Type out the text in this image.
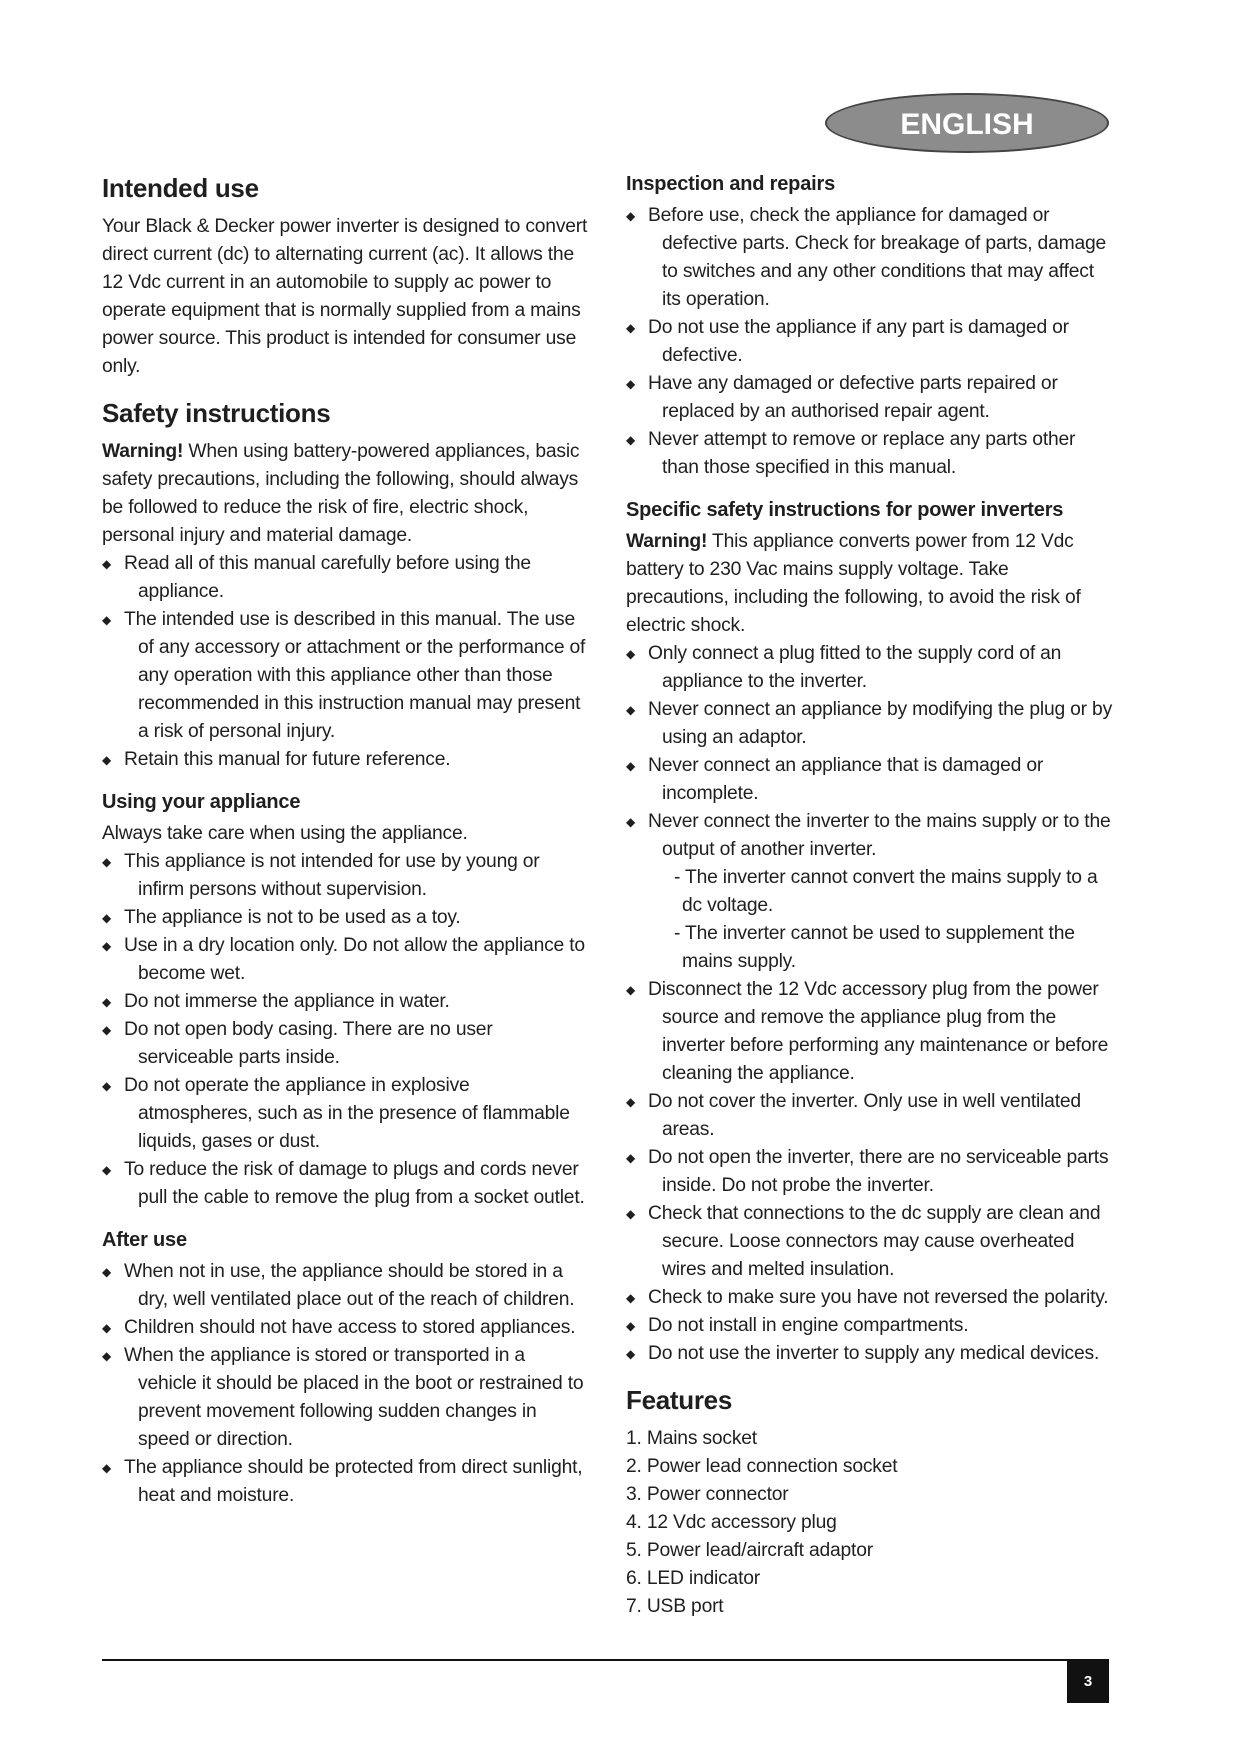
ENGLISH
Intended use

Your Black & Decker power inverter is designed to convert direct current (dc) to alternating current (ac). It allows the 12 Vdc current in an automobile to supply ac power to operate equipment that is normally supplied from a mains power source. This product is intended for consumer use only.

Safety instructions

Warning! When using battery-powered appliances, basic safety precautions, including the following, should always be followed to reduce the risk of fire, electric shock, personal injury and material damage.

◆ Read all of this manual carefully before using the appliance.
◆ The intended use is described in this manual. The use of any accessory or attachment or the performance of any operation with this appliance other than those recommended in this instruction manual may present a risk of personal injury.
◆ Retain this manual for future reference.
Using your appliance

Always take care when using the appliance.

◆ This appliance is not intended for use by young or infirm persons without supervision.
◆ The appliance is not to be used as a toy.
◆ Use in a dry location only. Do not allow the appliance to become wet.
◆ Do not immerse the appliance in water.
◆ Do not open body casing. There are no user serviceable parts inside.
◆ Do not operate the appliance in explosive atmospheres, such as in the presence of flammable liquids, gases or dust.
◆ To reduce the risk of damage to plugs and cords never pull the cable to remove the plug from a socket outlet.
After use
◆ When not in use, the appliance should be stored in a dry, well ventilated place out of the reach of children.
◆ Children should not have access to stored appliances.
◆ When the appliance is stored or transported in a vehicle it should be placed in the boot or restrained to prevent movement following sudden changes in speed or direction.
◆ The appliance should be protected from direct sunlight, heat and moisture.
Inspection and repairs
◆ Before use, check the appliance for damaged or defective parts. Check for breakage of parts, damage to switches and any other conditions that may affect its operation.
◆ Do not use the appliance if any part is damaged or defective.
◆ Have any damaged or defective parts repaired or replaced by an authorised repair agent.
◆ Never attempt to remove or replace any parts other than those specified in this manual.
Specific safety instructions for power inverters

Warning! This appliance converts power from 12 Vdc battery to 230 Vac mains supply voltage. Take precautions, including the following, to avoid the risk of electric shock.

◆ Only connect a plug fitted to the supply cord of an appliance to the inverter.
◆ Never connect an appliance by modifying the plug or by using an adaptor.
◆ Never connect an appliance that is damaged or incomplete.
◆ Never connect the inverter to the mains supply or to the output of another inverter.
- The inverter cannot convert the mains supply to a dc voltage.
- The inverter cannot be used to supplement the mains supply.
◆ Disconnect the 12 Vdc accessory plug from the power source and remove the appliance plug from the inverter before performing any maintenance or before cleaning the appliance.
◆ Do not cover the inverter. Only use in well ventilated areas.
◆ Do not open the inverter, there are no serviceable parts inside. Do not probe the inverter.
◆ Check that connections to the dc supply are clean and secure. Loose connectors may cause overheated wires and melted insulation.
◆ Check to make sure you have not reversed the polarity.
◆ Do not install in engine compartments.
◆ Do not use the inverter to supply any medical devices.
Features
1. Mains socket
2. Power lead connection socket
3. Power connector
4. 12 Vdc accessory plug
5. Power lead/aircraft adaptor
6. LED indicator
7. USB port
3
